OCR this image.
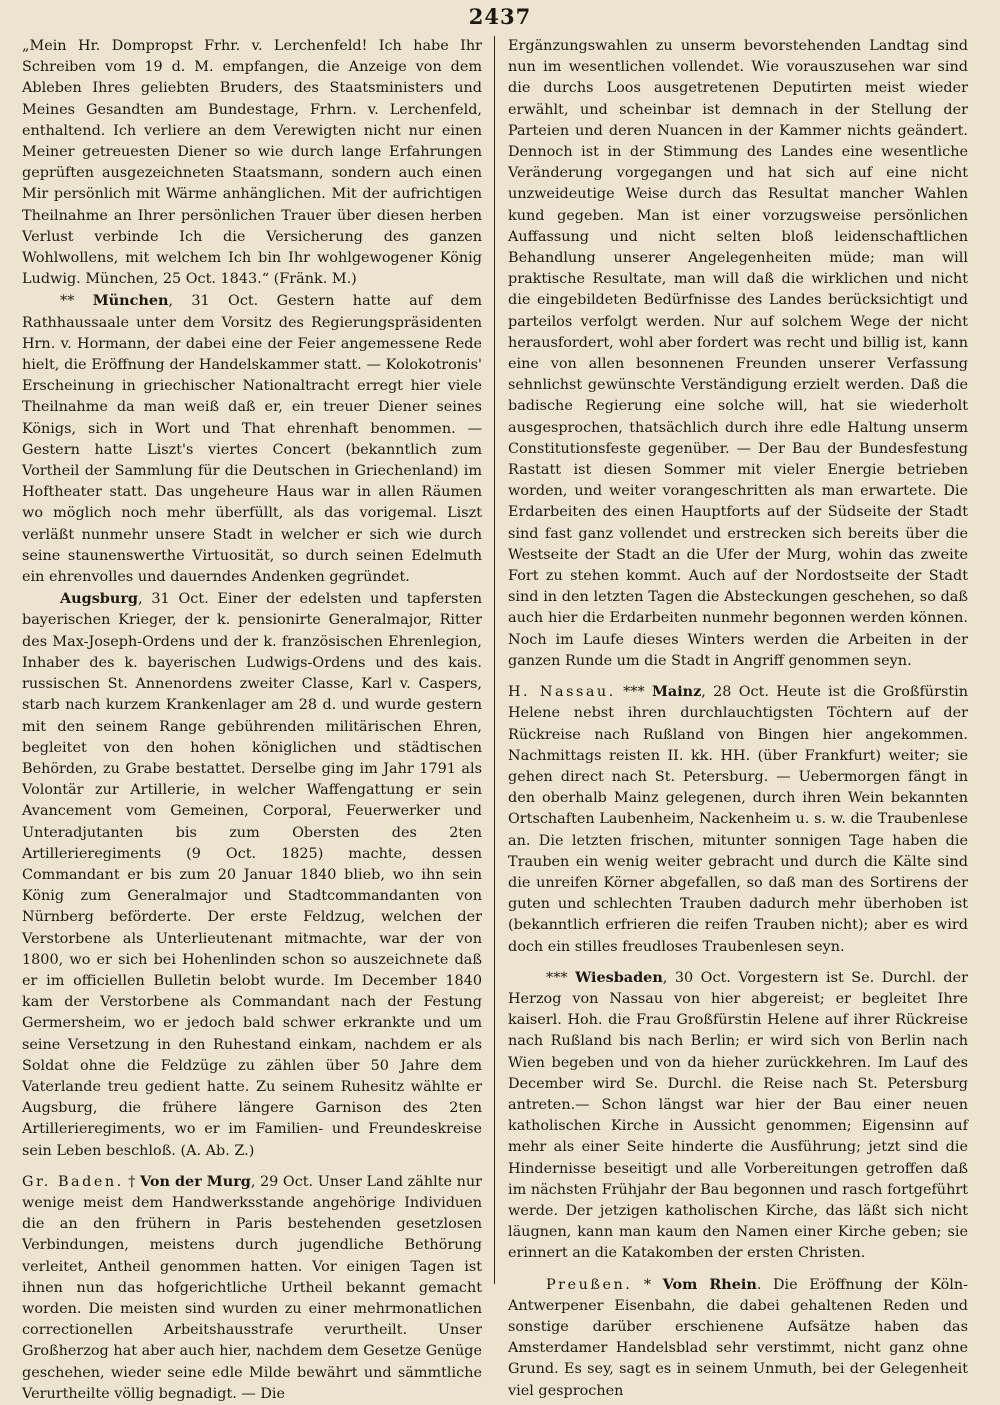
2437

„Mein Hr. Dompropst Frhr. v. Lerchenfeld! Ich habe Ihr Schreiben vom 19 d. M. empfangen, die Anzeige von dem Ableben Ihres geliebten Bruders, des Staatsministers und Meines Gesandten am Bundestage, Frhrn. v. Lerchenfeld, enthaltend. Ich verliere an dem Verewigten nicht nur einen Meiner getreuesten Diener so wie durch lange Erfahrungen geprüften ausgezeichneten Staatsmann, sondern auch einen Mir persönlich mit Wärme anhänglichen. Mit der aufrichtigen Theilnahme an Ihrer persönlichen Trauer über diesen herben Verlust verbinde Ich die Versicherung des ganzen Wohlwollens, mit welchem Ich bin Ihr wohlgewogener König Ludwig. München, 25 Oct. 1843.“ (Fränk. M.)

** München, 31 Oct. Gestern hatte auf dem Rathhaussaale unter dem Vorsitz des Regierungspräsidenten Hrn. v. Hormann, der dabei eine der Feier angemessene Rede hielt, die Eröffnung der Handelskammer statt. — Kolokotronis' Erscheinung in griechischer Nationaltracht erregt hier viele Theilnahme da man weiß daß er, ein treuer Diener seines Königs, sich in Wort und That ehrenhaft benommen. — Gestern hatte Liszt's viertes Concert (bekanntlich zum Vortheil der Sammlung für die Deutschen in Griechenland) im Hoftheater statt. Das ungeheure Haus war in allen Räumen wo möglich noch mehr überfüllt, als das vorigemal. Liszt verläßt nunmehr unsere Stadt in welcher er sich wie durch seine staunenswerthe Virtuosität, so durch seinen Edelmuth ein ehrenvolles und dauerndes Andenken gegründet.

Augsburg, 31 Oct. Einer der edelsten und tapfersten bayerischen Krieger, der k. pensionirte Generalmajor, Ritter des Max-Joseph-Ordens und der k. französischen Ehrenlegion, Inhaber des k. bayerischen Ludwigs-Ordens und des kais. russischen St. Annenordens zweiter Classe, Karl v. Caspers, starb nach kurzem Krankenlager am 28 d. und wurde gestern mit den seinem Range gebührenden militärischen Ehren, begleitet von den hohen königlichen und städtischen Behörden, zu Grabe bestattet. Derselbe ging im Jahr 1791 als Volontär zur Artillerie, in welcher Waffengattung er sein Avancement vom Gemeinen, Corporal, Feuerwerker und Unteradjutanten bis zum Obersten des 2ten Artillerieregiments (9 Oct. 1825) machte, dessen Commandant er bis zum 20 Januar 1840 blieb, wo ihn sein König zum Generalmajor und Stadtcommandanten von Nürnberg beförderte. Der erste Feldzug, welchen der Verstorbene als Unterlieutenant mitmachte, war der von 1800, wo er sich bei Hohenlinden schon so auszeichnete daß er im officiellen Bulletin belobt wurde. Im December 1840 kam der Verstorbene als Commandant nach der Festung Germersheim, wo er jedoch bald schwer erkrankte und um seine Versetzung in den Ruhestand einkam, nachdem er als Soldat ohne die Feldzüge zu zählen über 50 Jahre dem Vaterlande treu gedient hatte. Zu seinem Ruhesitz wählte er Augsburg, die frühere längere Garnison des 2ten Artillerieregiments, wo er im Familien- und Freundeskreise sein Leben beschloß. (A. Ab. Z.)

Gr. Baden. † Von der Murg, 29 Oct. Unser Land zählte nur wenige meist dem Handwerksstande angehörige Individuen die an den frühern in Paris bestehenden gesetzlosen Verbindungen, meistens durch jugendliche Bethörung verleitet, Antheil genommen hatten. Vor einigen Tagen ist ihnen nun das hofgerichtliche Urtheil bekannt gemacht worden. Die meisten sind wurden zu einer mehrmonatlichen correctionellen Arbeitshausstrafe verurtheilt. Unser Großherzog hat aber auch hier, nachdem dem Gesetze Genüge geschehen, wieder seine edle Milde bewährt und sämmtliche Verurtheilte völlig begnadigt. — Die

Ergänzungswahlen zu unserm bevorstehenden Landtag sind nun im wesentlichen vollendet. Wie vorauszusehen war sind die durchs Loos ausgetretenen Deputirten meist wieder erwählt, und scheinbar ist demnach in der Stellung der Parteien und deren Nuancen in der Kammer nichts geändert. Dennoch ist in der Stimmung des Landes eine wesentliche Veränderung vorgegangen und hat sich auf eine nicht unzweideutige Weise durch das Resultat mancher Wahlen kund gegeben. Man ist einer vorzugsweise persönlichen Auffassung und nicht selten bloß leidenschaftlichen Behandlung unserer Angelegenheiten müde; man will praktische Resultate, man will daß die wirklichen und nicht die eingebildeten Bedürfnisse des Landes berücksichtigt und parteilos verfolgt werden. Nur auf solchem Wege der nicht herausfordert, wohl aber fordert was recht und billig ist, kann eine von allen besonnenen Freunden unserer Verfassung sehnlichst gewünschte Verständigung erzielt werden. Daß die badische Regierung eine solche will, hat sie wiederholt ausgesprochen, thatsächlich durch ihre edle Haltung unserm Constitutionsfeste gegenüber. — Der Bau der Bundesfestung Rastatt ist diesen Sommer mit vieler Energie betrieben worden, und weiter vorangeschritten als man erwartete. Die Erdarbeiten des einen Hauptforts auf der Südseite der Stadt sind fast ganz vollendet und erstrecken sich bereits über die Westseite der Stadt an die Ufer der Murg, wohin das zweite Fort zu stehen kommt. Auch auf der Nordostseite der Stadt sind in den letzten Tagen die Absteckungen geschehen, so daß auch hier die Erdarbeiten nunmehr begonnen werden können. Noch im Laufe dieses Winters werden die Arbeiten in der ganzen Runde um die Stadt in Angriff genommen seyn.

H. Nassau. *** Mainz, 28 Oct. Heute ist die Großfürstin Helene nebst ihren durchlauchtigsten Töchtern auf der Rückreise nach Rußland von Bingen hier angekommen. Nachmittags reisten II. kk. HH. (über Frankfurt) weiter; sie gehen direct nach St. Petersburg. — Uebermorgen fängt in den oberhalb Mainz gelegenen, durch ihren Wein bekannten Ortschaften Laubenheim, Nackenheim u. s. w. die Traubenlese an. Die letzten frischen, mitunter sonnigen Tage haben die Trauben ein wenig weiter gebracht und durch die Kälte sind die unreifen Körner abgefallen, so daß man des Sortirens der guten und schlechten Trauben dadurch mehr überhoben ist (bekanntlich erfrieren die reifen Trauben nicht); aber es wird doch ein stilles freudloses Traubenlesen seyn.

*** Wiesbaden, 30 Oct. Vorgestern ist Se. Durchl. der Herzog von Nassau von hier abgereist; er begleitet Ihre kaiserl. Hoh. die Frau Großfürstin Helene auf ihrer Rückreise nach Rußland bis nach Berlin; er wird sich von Berlin nach Wien begeben und von da hieher zurückkehren. Im Lauf des December wird Se. Durchl. die Reise nach St. Petersburg antreten.— Schon längst war hier der Bau einer neuen katholischen Kirche in Aussicht genommen; Eigensinn auf mehr als einer Seite hinderte die Ausführung; jetzt sind die Hindernisse beseitigt und alle Vorbereitungen getroffen daß im nächsten Frühjahr der Bau begonnen und rasch fortgeführt werde. Der jetzigen katholischen Kirche, das läßt sich nicht läugnen, kann man kaum den Namen einer Kirche geben; sie erinnert an die Katakomben der ersten Christen.

Preußen. * Vom Rhein. Die Eröffnung der Köln-Antwerpener Eisenbahn, die dabei gehaltenen Reden und sonstige darüber erschienene Aufsätze haben das Amsterdamer Handelsblad sehr verstimmt, nicht ganz ohne Grund. Es sey, sagt es in seinem Unmuth, bei der Gelegenheit viel gesprochen
